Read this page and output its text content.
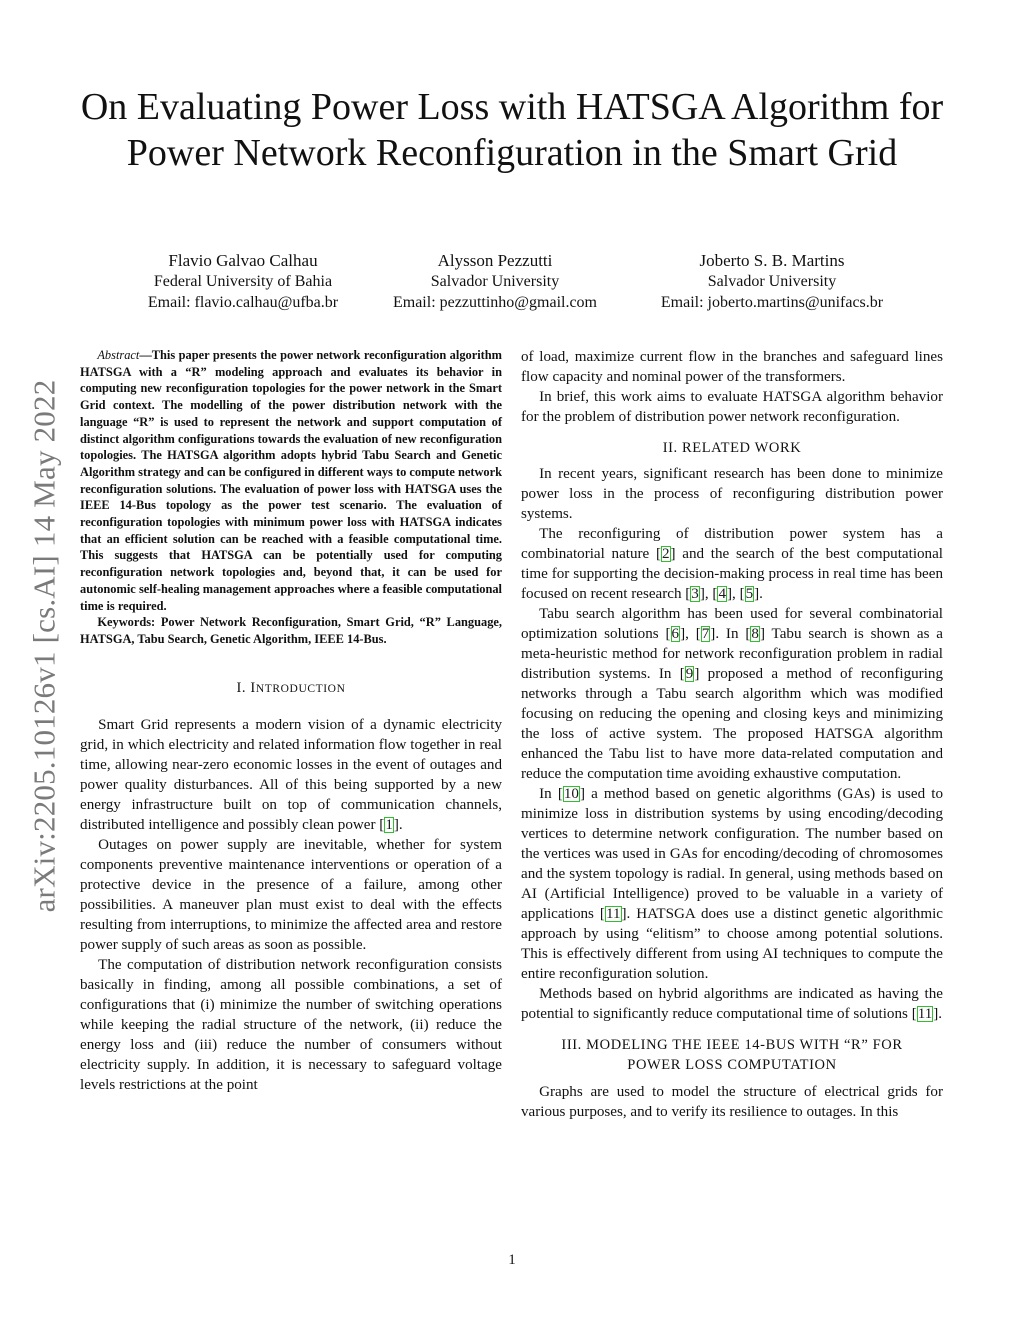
arXiv:2205.10126v1 [cs.AI] 14 May 2022
On Evaluating Power Loss with HATSGA Algorithm for Power Network Reconfiguration in the Smart Grid
Flavio Galvao Calhau
Federal University of Bahia
Email: flavio.calhau@ufba.br
Alysson Pezzutti
Salvador University
Email: pezzuttinho@gmail.com
Joberto S. B. Martins
Salvador University
Email: joberto.martins@unifacs.br

Abstract—This paper presents the power network reconfiguration algorithm HATSGA with a “R” modeling approach and evaluates its behavior in computing new reconfiguration topologies for the power network in the Smart Grid context. The modelling of the power distribution network with the language “R” is used to represent the network and support computation of distinct algorithm configurations towards the evaluation of new reconfiguration topologies. The HATSGA algorithm adopts hybrid Tabu Search and Genetic Algorithm strategy and can be configured in different ways to compute network reconfiguration solutions. The evaluation of power loss with HATSGA uses the IEEE 14-Bus topology as the power test scenario. The evaluation of reconfiguration topologies with minimum power loss with HATSGA indicates that an efficient solution can be reached with a feasible computational time. This suggests that HATSGA can be potentially used for computing reconfiguration network topologies and, beyond that, it can be used for autonomic self-healing management approaches where a feasible computational time is required.

Keywords: Power Network Reconfiguration, Smart Grid, “R” Language, HATSGA, Tabu Search, Genetic Algorithm, IEEE 14-Bus.

I. INTRODUCTION

Smart Grid represents a modern vision of a dynamic electricity grid, in which electricity and related information flow together in real time, allowing near-zero economic losses in the event of outages and power quality disturbances. All of this being supported by a new energy infrastructure built on top of communication channels, distributed intelligence and possibly clean power [1].

Outages on power supply are inevitable, whether for system components preventive maintenance interventions or operation of a protective device in the presence of a failure, among other possibilities. A maneuver plan must exist to deal with the effects resulting from interruptions, to minimize the affected area and restore power supply of such areas as soon as possible.

The computation of distribution network reconfiguration consists basically in finding, among all possible combinations, a set of configurations that (i) minimize the number of switching operations while keeping the radial structure of the network, (ii) reduce the energy loss and (iii) reduce the number of consumers without electricity supply. In addition, it is necessary to safeguard voltage levels restrictions at the point

of load, maximize current flow in the branches and safeguard lines flow capacity and nominal power of the transformers.

In brief, this work aims to evaluate HATSGA algorithm behavior for the problem of distribution power network reconfiguration.

II. RELATED WORK

In recent years, significant research has been done to minimize power loss in the process of reconfiguring distribution power systems.

The reconfiguring of distribution power system has a combinatorial nature [2] and the search of the best computational time for supporting the decision-making process in real time has been focused on recent research [3], [4], [5].

Tabu search algorithm has been used for several combinatorial optimization solutions [6], [7]. In [8] Tabu search is shown as a meta-heuristic method for network reconfiguration problem in radial distribution systems. In [9] proposed a method of reconfiguring networks through a Tabu search algorithm which was modified focusing on reducing the opening and closing keys and minimizing the loss of active system. The proposed HATSGA algorithm enhanced the Tabu list to have more data-related computation and reduce the computation time avoiding exhaustive computation.

In [10] a method based on genetic algorithms (GAs) is used to minimize loss in distribution systems by using encoding/decoding vertices to determine network configuration. The number based on the vertices was used in GAs for encoding/decoding of chromosomes and the system topology is radial. In general, using methods based on AI (Artificial Intelligence) proved to be valuable in a variety of applications [11]. HATSGA does use a distinct genetic algorithmic approach by using “elitism” to choose among potential solutions. This is effectively different from using AI techniques to compute the entire reconfiguration solution.

Methods based on hybrid algorithms are indicated as having the potential to significantly reduce computational time of solutions [11].

III. MODELING THE IEEE 14-BUS WITH “R” FOR POWER LOSS COMPUTATION

Graphs are used to model the structure of electrical grids for various purposes, and to verify its resilience to outages. In this

1
